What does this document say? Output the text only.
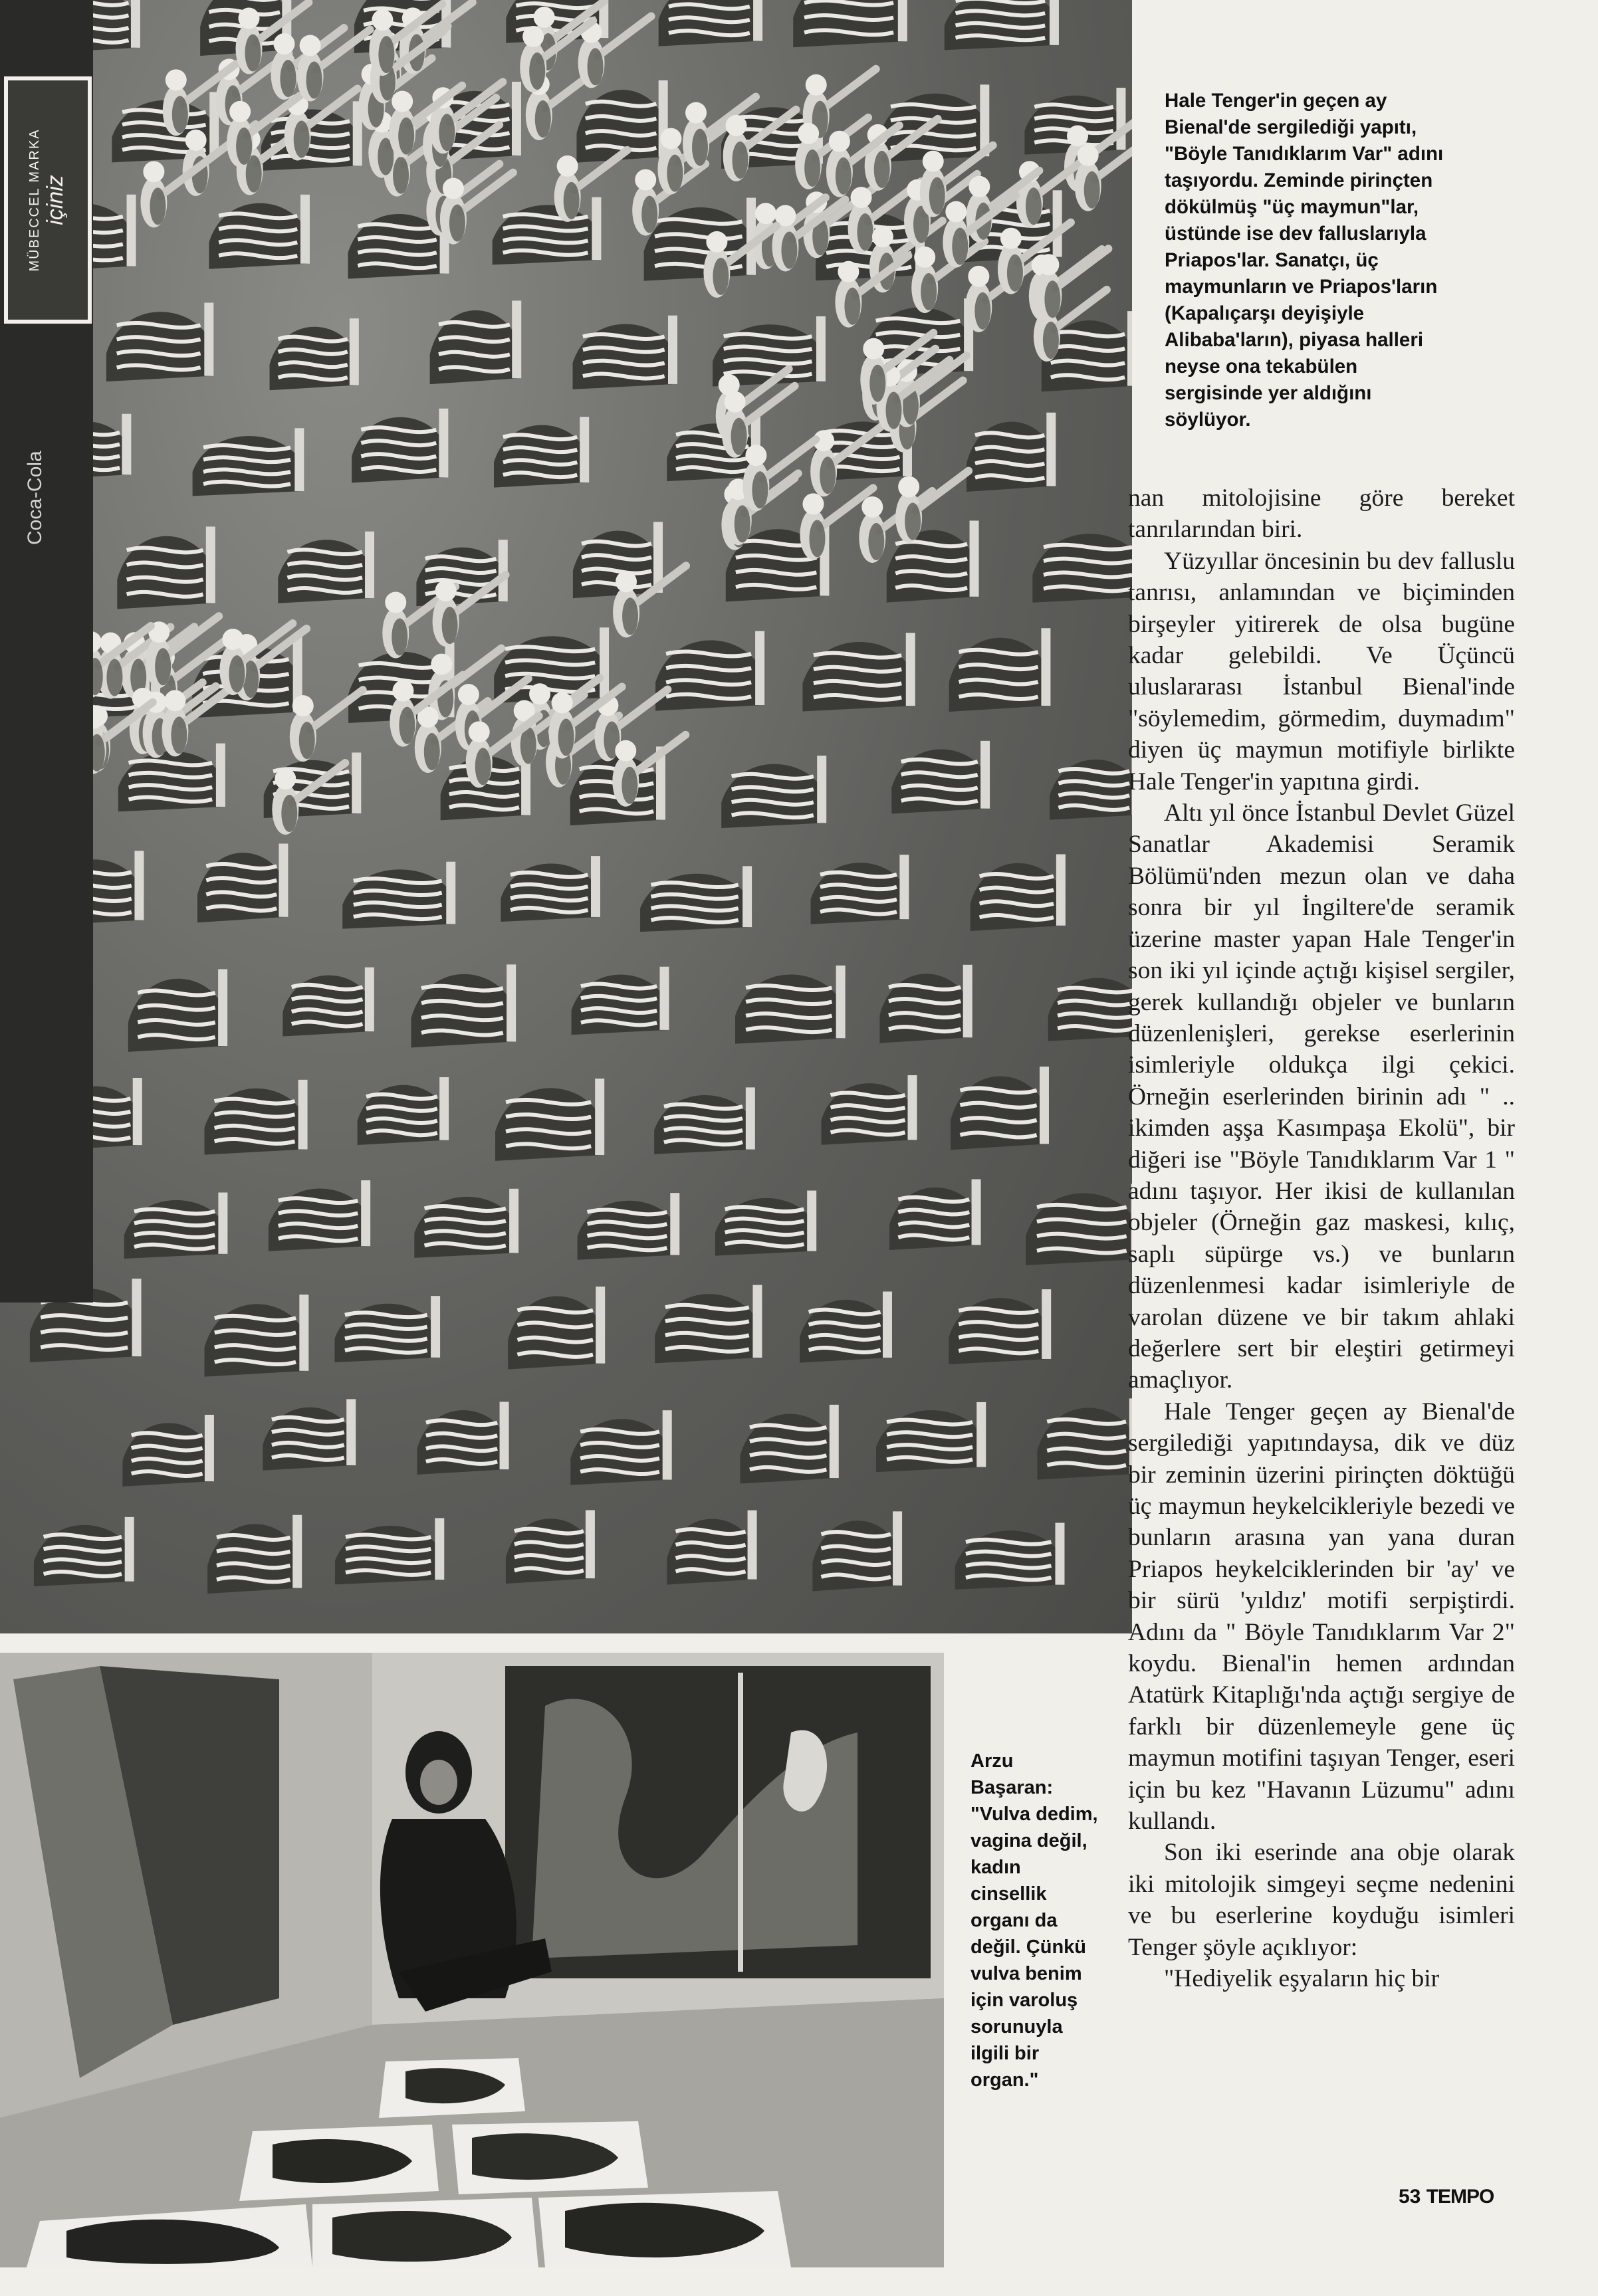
MÜBECCEL MARKA içiniz
Coca-Cola
Hale Tenger'in geçen ay
Bienal'de sergilediği yapıtı,
"Böyle Tanıdıklarım Var" adını
taşıyordu. Zeminde pirinçten
dökülmüş "üç maymun"lar,
üstünde ise dev falluslarıyla
Priapos'lar. Sanatçı, üç
maymunların ve Priapos'ların
(Kapalıçarşı deyişiyle
Alibaba'ların), piyasa halleri
neyse ona tekabülen
sergisinde yer aldığını
söylüyor.

nan mitolojisine göre bereket tanrılarından biri.

Yüzyıllar öncesinin bu dev falluslu tanrısı, anlamından ve biçiminden birşeyler yitirerek de olsa bugüne kadar gelebildi. Ve Üçüncü uluslararası İstanbul Bienal'inde "söylemedim, görmedim, duymadım" diyen üç maymun motifiyle birlikte Hale Tenger'in yapıtına girdi.

Altı yıl önce İstanbul Devlet Güzel Sanatlar Akademisi Seramik Bölümü'nden mezun olan ve daha sonra bir yıl İngiltere'de seramik üzerine master yapan Hale Tenger'in son iki yıl içinde açtığı kişisel sergiler, gerek kullandığı objeler ve bunların düzenlenişleri, gerekse eserlerinin isimleriyle oldukça ilgi çekici. Örneğin eserlerinden birinin adı " .. ikimden aşşa Kasımpaşa Ekolü", bir diğeri ise "Böyle Tanıdıklarım Var 1 " adını taşıyor. Her ikisi de kullanılan objeler (Örneğin gaz maskesi, kılıç, saplı süpürge vs.) ve bunların düzenlenmesi kadar isimleriyle de varolan düzene ve bir takım ahlaki değerlere sert bir eleştiri getirmeyi amaçlıyor.

Hale Tenger geçen ay Bienal'de sergilediği yapıtındaysa, dik ve düz bir zeminin üzerini pirinçten döktüğü üç maymun heykelcikleriyle bezedi ve bunların arasına yan yana duran Priapos heykelciklerinden bir 'ay' ve bir sürü 'yıldız' motifi serpiştirdi. Adını da " Böyle Tanıdıklarım Var 2" koydu. Bienal'in hemen ardından Atatürk Kitaplığı'nda açtığı sergiye de farklı bir düzenlemeyle gene üç maymun motifini taşıyan Tenger, eseri için bu kez "Havanın Lüzumu" adını kullandı.

Son iki eserinde ana obje olarak iki mitolojik simgeyi seçme nedenini ve bu eserlerine koyduğu isimleri Tenger şöyle açıklıyor:

"Hediyelik eşyaların hiç bir

Arzu
Başaran:
"Vulva dedim,
vagina değil,
kadın
cinsellik
organı da
değil. Çünkü
vulva benim
için varoluş
sorunuyla
ilgili bir
organ."
53 TEMPO
